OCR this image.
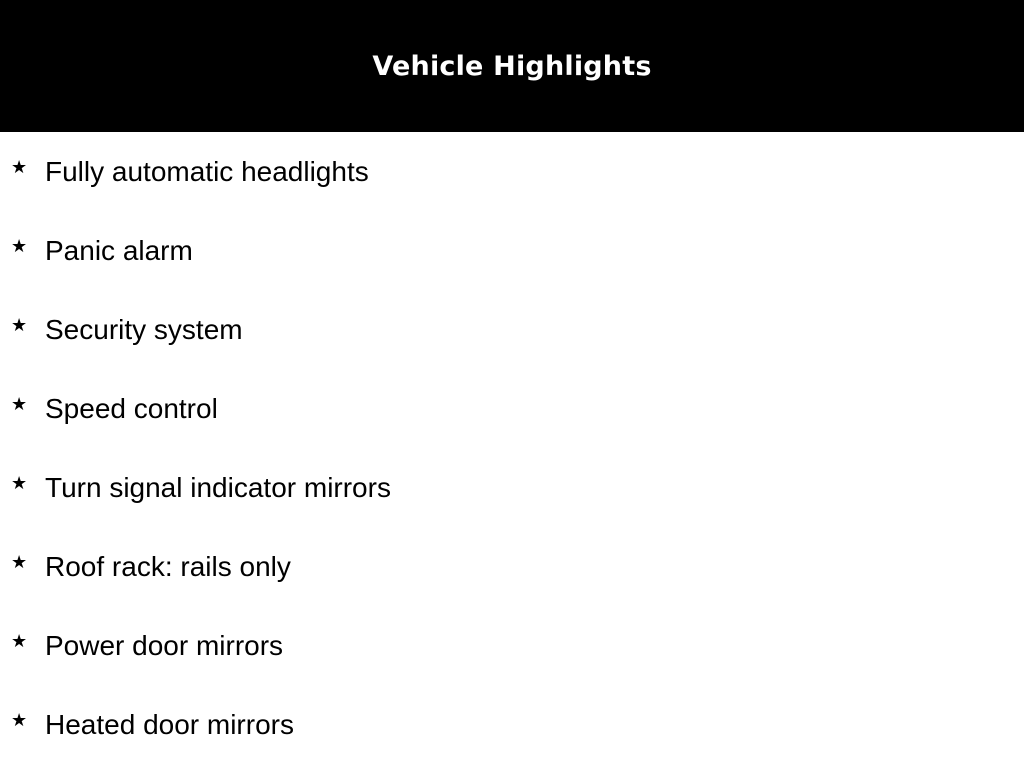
Vehicle Highlights
★ Fully automatic headlights
★ Panic alarm
★ Security system
★ Speed control
★ Turn signal indicator mirrors
★ Roof rack: rails only
★ Power door mirrors
★ Heated door mirrors
